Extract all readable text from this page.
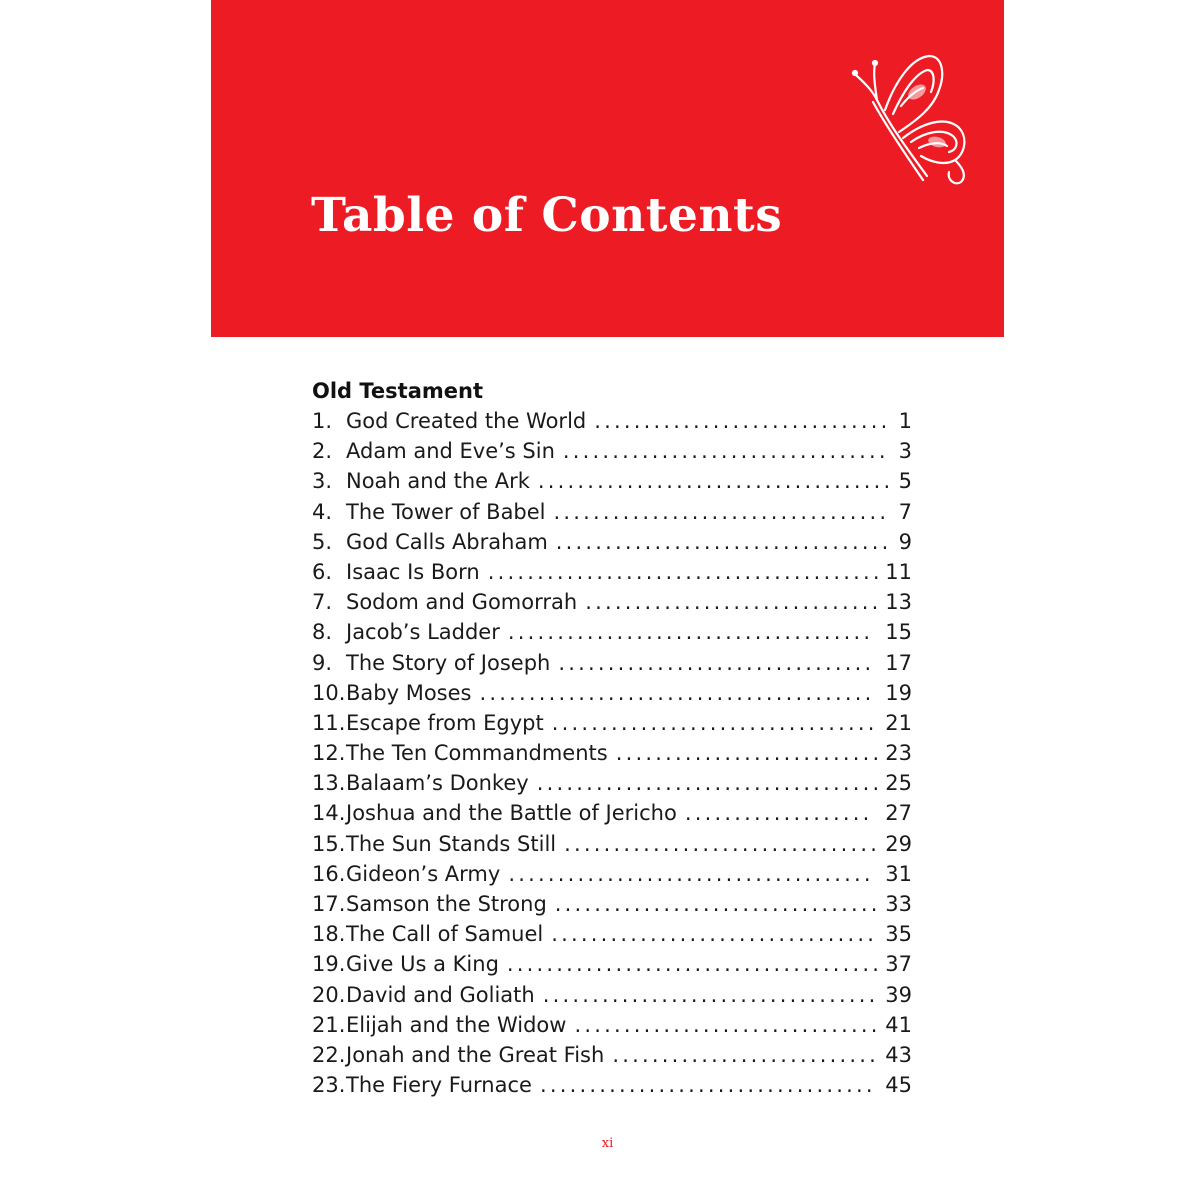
Table of Contents
Old Testament
1. God Created the World .............................. 1
2. Adam and Eve’s Sin ................................. 3
3. Noah and the Ark .................................... 5
4. The Tower of Babel .................................. 7
5. God Calls Abraham .................................. 9
6. Isaac Is Born ........................................ 11
7. Sodom and Gomorrah .............................. 13
8. Jacob’s Ladder ..................................... 15
9. The Story of Joseph ................................ 17
10. Baby Moses ........................................ 19
11. Escape from Egypt ................................. 21
12. The Ten Commandments ........................... 23
13. Balaam’s Donkey ................................... 25
14. Joshua and the Battle of Jericho ................... 27
15. The Sun Stands Still ................................ 29
16. Gideon’s Army ..................................... 31
17. Samson the Strong ................................. 33
18. The Call of Samuel ................................. 35
19. Give Us a King ...................................... 37
20. David and Goliath .................................. 39
21. Elijah and the Widow ............................... 41
22. Jonah and the Great Fish ........................... 43
23. The Fiery Furnace .................................. 45
xi
